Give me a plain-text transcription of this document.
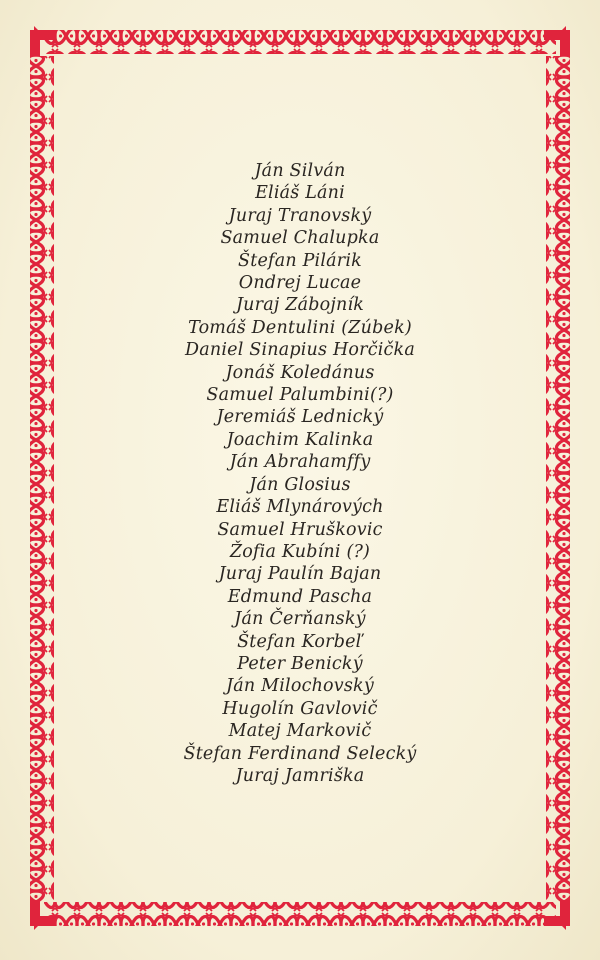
Ján Silván
Eliáš Láni
Juraj Tranovský
Samuel Chalupka
Štefan Pilárik
Ondrej Lucae
Juraj Zábojník
Tomáš Dentulini (Zúbek)
Daniel Sinapius Horčička
Jonáš Koledánus
Samuel Palumbini(?)
Jeremiáš Lednický
Joachim Kalinka
Ján Abrahamffy
Ján Glosius
Eliáš Mlynárových
Samuel Hruškovic
Žofia Kubíni (?)
Juraj Paulín Bajan
Edmund Pascha
Ján Čerňanský
Štefan Korbeľ
Peter Benický
Ján Milochovský
Hugolín Gavlovič
Matej Markovič
Štefan Ferdinand Selecký
Juraj Jamriška
